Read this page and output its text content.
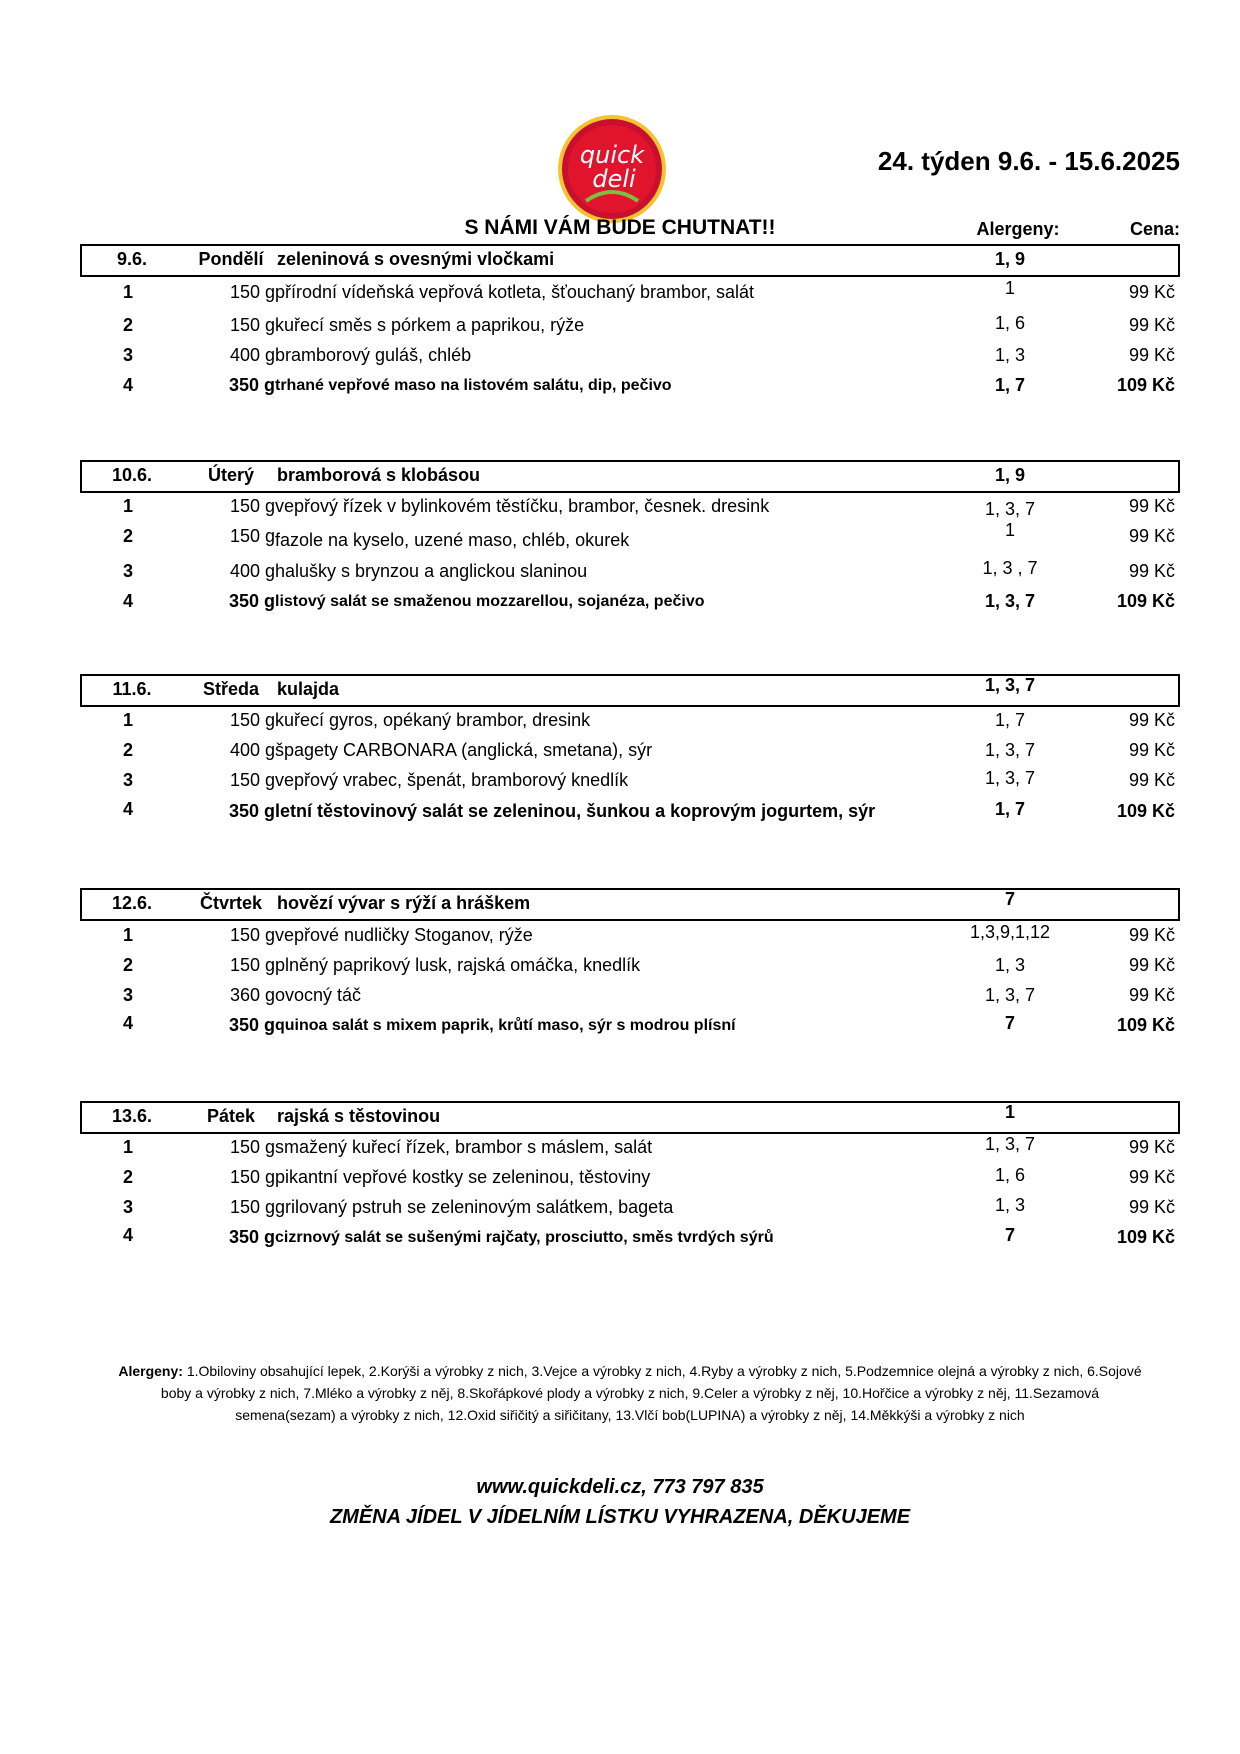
quick
deli
24. týden 9.6. - 15.6.2025
S NÁMI VÁM BUDE CHUTNAT!!	Alergeny:	Cena:
9.6.	Pondělí zeleninová s ovesnými vločkami	1, 9
1	150 g přírodní vídeňská vepřová kotleta, šťouchaný brambor, salát	1	99 Kč
2	150 g kuřecí směs s pórkem a paprikou, rýže	1, 6	99 Kč
3	400 g bramborový guláš, chléb	1, 3	99 Kč
4	350 g trhané vepřové maso na listovém salátu, dip, pečivo	1, 7	109 Kč
10.6.	Úterý	bramborová s klobásou	1, 9
1	150 g vepřový řízek v bylinkovém těstíčku, brambor, česnek. dresink	1, 3, 7	99 Kč
2	150 g fazole na kyselo, uzené maso, chléb, okurek	1	99 Kč
3	400 g halušky s brynzou a anglickou slaninou	1, 3 , 7	99 Kč
4	350 g listový salát se smaženou mozzarellou, sojanéza, pečivo	1, 3, 7	109 Kč
11.6.	Středa kulajda	1, 3, 7
1	150 g kuřecí gyros, opékaný brambor, dresink	1, 7	99 Kč
2	400 g špagety CARBONARA (anglická, smetana), sýr	1, 3, 7	99 Kč
3	150 g vepřový vrabec, špenát, bramborový knedlík	1, 3, 7	99 Kč
4	350 g letní těstovinový salát se zeleninou, šunkou a koprovým jogurtem, sýr	1, 7	109 Kč
12.6.	Čtvrtek hovězí vývar s rýží a hráškem	7
1	150 g vepřové nudličky Stoganov, rýže	1,3,9,1,12	99 Kč
2	150 g plněný paprikový lusk, rajská omáčka, knedlík	1, 3	99 Kč
3	360 g ovocný táč	1, 3, 7	99 Kč
4	350 g quinoa salát s mixem paprik, krůtí maso, sýr s modrou plísní	7	109 Kč
13.6.	Pátek	rajská s těstovinou	1
1	150 g smažený kuřecí řízek, brambor s máslem, salát	1, 3, 7	99 Kč
2	150 g pikantní vepřové kostky se zeleninou, těstoviny	1, 6	99 Kč
3	150 g grilovaný pstruh se zeleninovým salátkem, bageta	1, 3	99 Kč
4	350 g cizrnový salát se sušenými rajčaty, prosciutto, směs tvrdých sýrů	7	109 Kč
Alergeny: 1.Obiloviny obsahující lepek, 2.Korýši a výrobky z nich, 3.Vejce a výrobky z nich, 4.Ryby a výrobky z nich, 5.Podzemnice olejná a výrobky z nich, 6.Sojové
boby a výrobky z nich, 7.Mléko a výrobky z něj, 8.Skořápkové plody a výrobky z nich, 9.Celer a výrobky z něj, 10.Hořčice a výrobky z něj, 11.Sezamová
semena(sezam) a výrobky z nich, 12.Oxid siřičitý a siřičitany, 13.Vlčí bob(LUPINA) a výrobky z něj, 14.Měkkýši a výrobky z nich
www.quickdeli.cz, 773 797 835
ZMĚNA JÍDEL V JÍDELNÍM LÍSTKU VYHRAZENA, DĚKUJEME
